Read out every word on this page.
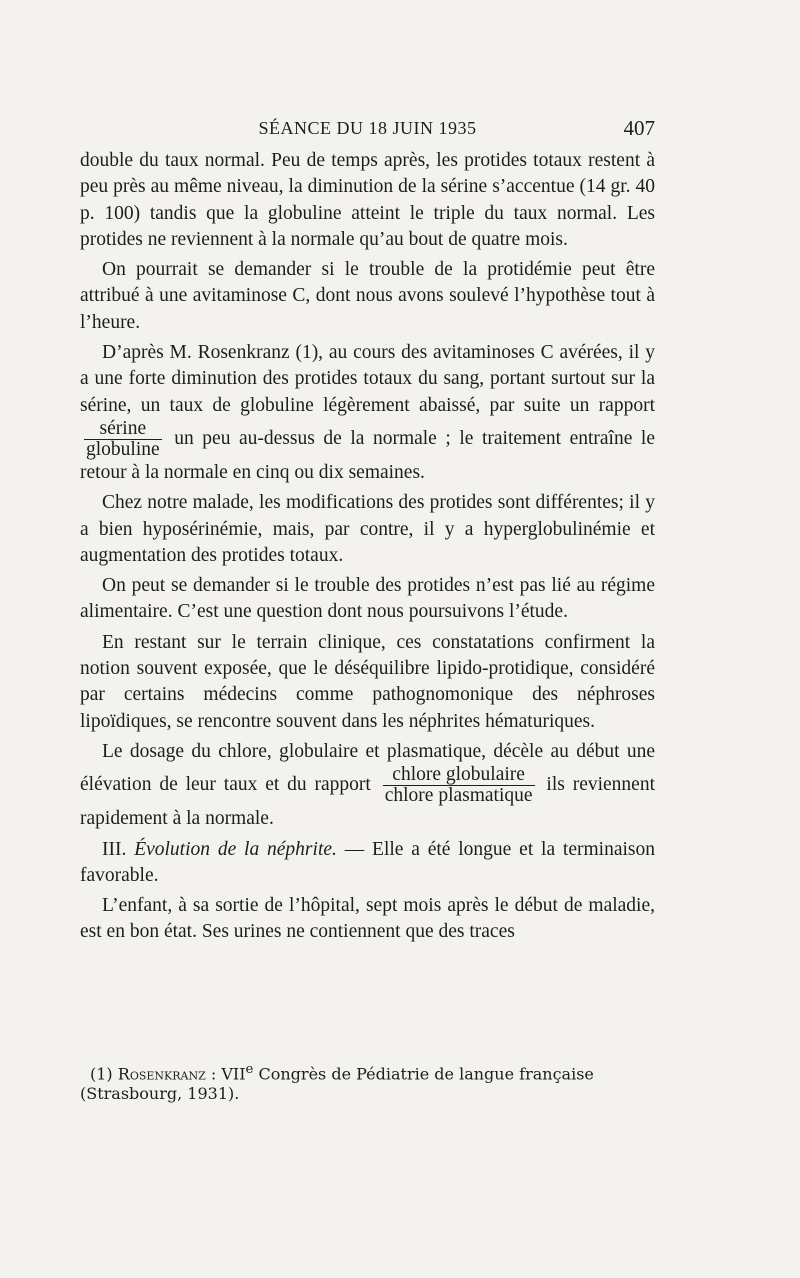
SÉANCE DU 18 JUIN 1935	407

double du taux normal. Peu de temps après, les protides totaux restent à peu près au même niveau, la diminution de la sérine s’accentue (14 gr. 40 p. 100) tandis que la globuline atteint le triple du taux normal. Les protides ne reviennent à la normale qu’au bout de quatre mois.

On pourrait se demander si le trouble de la protidémie peut être attribué à une avitaminose C, dont nous avons soulevé l’hypothèse tout à l’heure.

D’après M. Rosenkranz (1), au cours des avitaminoses C avérées, il y a une forte diminution des protides totaux du sang, portant surtout sur la sérine, un taux de globuline légèrement abaissé, par suite un rapport
$\frac{\text{sérine}}{\text{globuline}}$ un peu au-dessus de la normale ; le traitement entraîne le retour à la normale en cinq ou dix semaines.

Chez notre malade, les modifications des protides sont différentes; il y a bien hyposérinémie, mais, par contre, il y a hyperglobulinémie et augmentation des protides totaux.

On peut se demander si le trouble des protides n’est pas lié au régime alimentaire. C’est une question dont nous poursuivons l’étude.

En restant sur le terrain clinique, ces constatations confirment la notion souvent exposée, que le déséquilibre lipido-protidique, considéré par certains médecins comme pathognomonique des néphroses lipoïdiques, se rencontre souvent dans les néphrites hématuriques.

Le dosage du chlore, globulaire et plasmatique, décèle au début une élévation de leur taux et du rapport $\frac{\text{chlore globulaire}}{\text{chlore plasmatique}}$ ils reviennent rapidement à la normale.

III. Évolution de la néphrite. — Elle a été longue et la terminaison favorable.

L’enfant, à sa sortie de l’hôpital, sept mois après le début de maladie, est en bon état. Ses urines ne contiennent que des traces

(1) Rosenkranz : VIIe Congrès de Pédiatrie de langue française (Strasbourg, 1931).
